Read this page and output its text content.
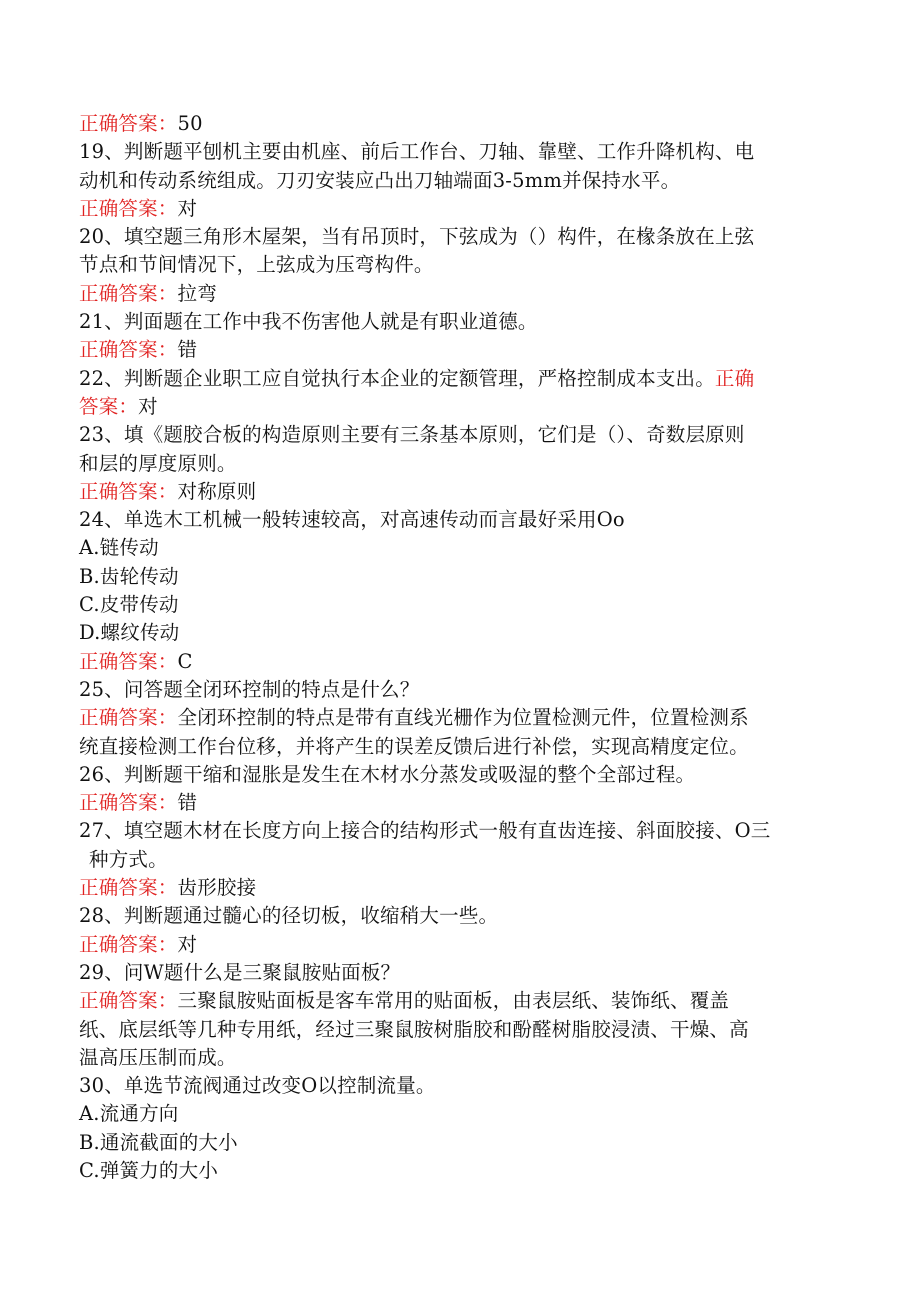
正确答案：50
19、判断题平刨机主要由机座、前后工作台、刀轴、靠壁、工作升降机构、电
动机和传动系统组成。刀刃安装应凸出刀轴端面3-5mm并保持水平。
正确答案：对
20、填空题三角形木屋架，当有吊顶时，下弦成为（）构件，在椽条放在上弦
节点和节间情况下，上弦成为压弯构件。
正确答案：拉弯
21、判面题在工作中我不伤害他人就是有职业道德。
正确答案：错
22、判断题企业职工应自觉执行本企业的定额管理，严格控制成本支出。正确
答案：对
23、填《题胶合板的构造原则主要有三条基本原则，它们是（）、奇数层原则
和层的厚度原则。
正确答案：对称原则
24、单选木工机械一般转速较高，对高速传动而言最好采用Oo
A.链传动
B.齿轮传动
C.皮带传动
D.螺纹传动
正确答案：C
25、问答题全闭环控制的特点是什么？
正确答案：全闭环控制的特点是带有直线光栅作为位置检测元件，位置检测系
统直接检测工作台位移，并将产生的误差反馈后进行补偿，实现高精度定位。
26、判断题干缩和湿胀是发生在木材水分蒸发或吸湿的整个全部过程。
正确答案：错
27、填空题木材在长度方向上接合的结构形式一般有直齿连接、斜面胶接、O三
种方式。
正确答案：齿形胶接
28、判断题通过髓心的径切板，收缩稍大一些。
正确答案：对
29、问W题什么是三聚鼠胺贴面板？
正确答案：三聚鼠胺贴面板是客车常用的贴面板，由表层纸、装饰纸、覆盖
纸、底层纸等几种专用纸，经过三聚鼠胺树脂胶和酚醛树脂胶浸渍、干燥、高
温高压压制而成。
30、单选节流阀通过改变O以控制流量。
A.流通方向
B.通流截面的大小
C.弹簧力的大小
